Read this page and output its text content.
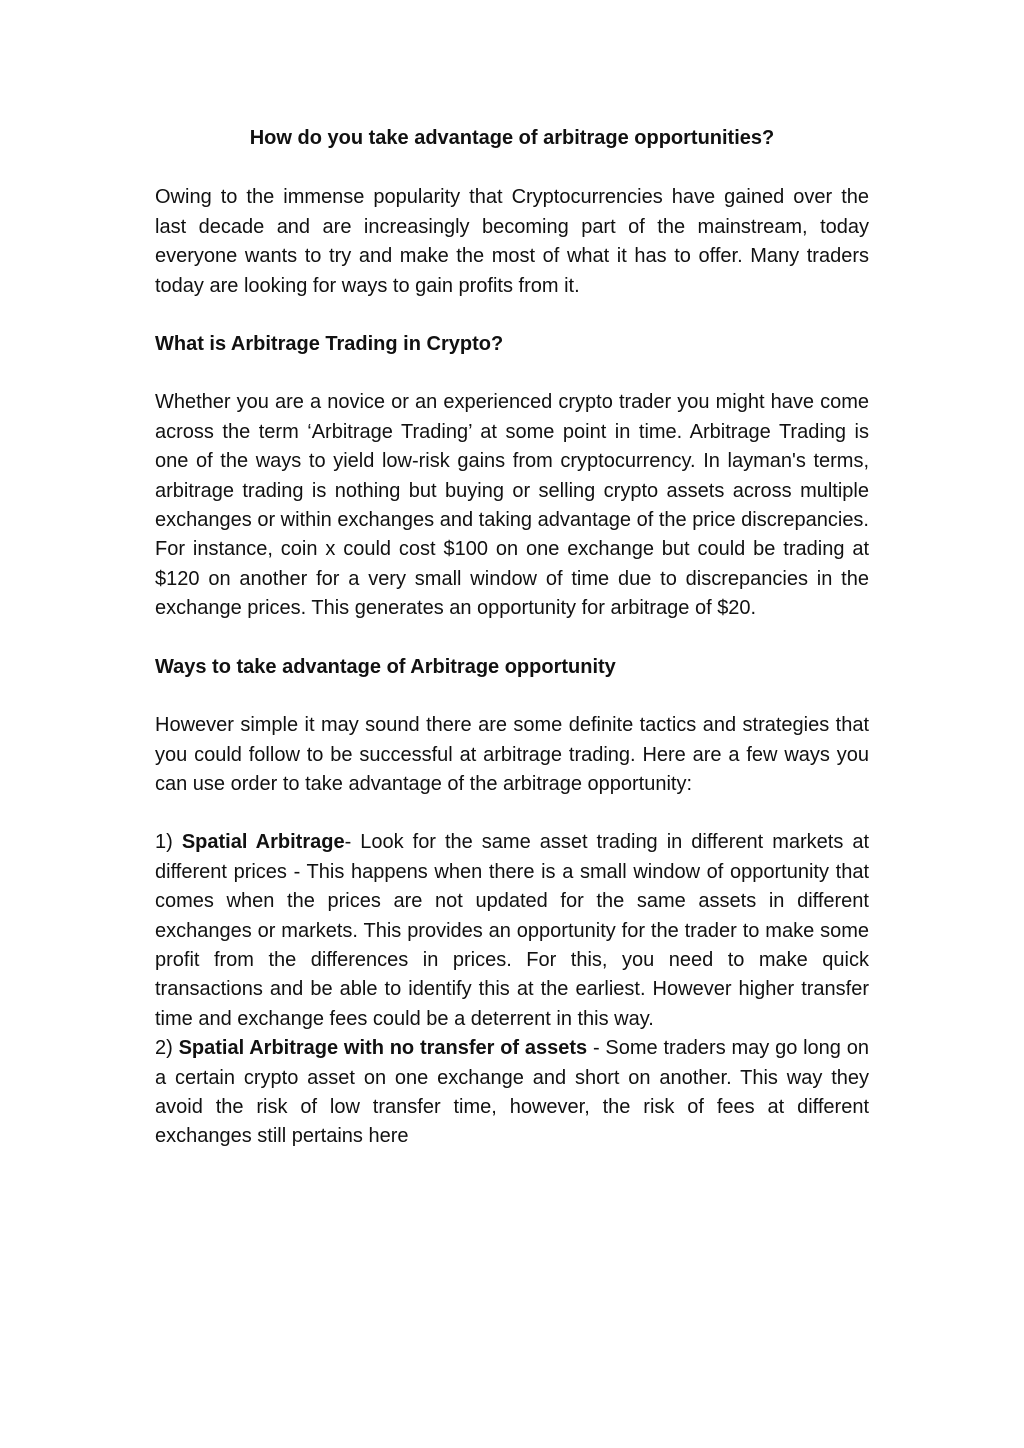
How do you take advantage of arbitrage opportunities?

Owing to the immense popularity that Cryptocurrencies have gained over the last decade and are increasingly becoming part of the mainstream, today everyone wants to try and make the most of what it has to offer. Many traders today are looking for ways to gain profits from it.

What is Arbitrage Trading in Crypto?

Whether you are a novice or an experienced crypto trader you might have come across the term ‘Arbitrage Trading’ at some point in time. Arbitrage Trading is one of the ways to yield low-risk gains from cryptocurrency. In layman's terms, arbitrage trading is nothing but buying or selling crypto assets across multiple exchanges or within exchanges and taking advantage of the price discrepancies. For instance, coin x could cost $100 on one exchange but could be trading at $120 on another for a very small window of time due to discrepancies in the exchange prices. This generates an opportunity for arbitrage of $20.

Ways to take advantage of Arbitrage opportunity

However simple it may sound there are some definite tactics and strategies that you could follow to be successful at arbitrage trading. Here are a few ways you can use order to take advantage of the arbitrage opportunity:

1) Spatial Arbitrage- Look for the same asset trading in different markets at different prices - This happens when there is a small window of opportunity that comes when the prices are not updated for the same assets in different exchanges or markets. This provides an opportunity for the trader to make some profit from the differences in prices. For this, you need to make quick transactions and be able to identify this at the earliest. However higher transfer time and exchange fees could be a deterrent in this way.

2) Spatial Arbitrage with no transfer of assets - Some traders may go long on a certain crypto asset on one exchange and short on another. This way they avoid the risk of low transfer time, however, the risk of fees at different exchanges still pertains here
